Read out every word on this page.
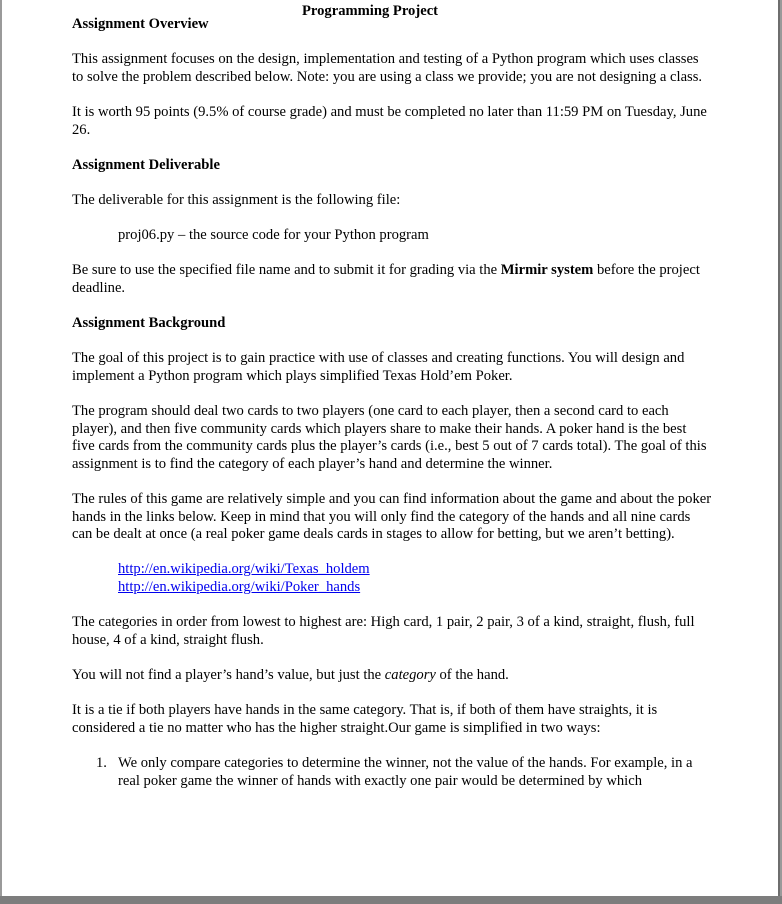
Programming Project
Assignment Overview

This assignment focuses on the design, implementation and testing of a Python program which uses classes to solve the problem described below. Note: you are using a class we provide; you are not designing a class.

It is worth 95 points (9.5% of course grade) and must be completed no later than 11:59 PM on Tuesday, June 26.

Assignment Deliverable

The deliverable for this assignment is the following file:

proj06.py – the source code for your Python program

Be sure to use the specified file name and to submit it for grading via the Mirmir system before the project deadline.

Assignment Background

The goal of this project is to gain practice with use of classes and creating functions. You will design and implement a Python program which plays simplified Texas Hold’em Poker.

The program should deal two cards to two players (one card to each player, then a second card to each player), and then five community cards which players share to make their hands. A poker hand is the best five cards from the community cards plus the player’s cards (i.e., best 5 out of 7 cards total). The goal of this assignment is to find the category of each player’s hand and determine the winner.

The rules of this game are relatively simple and you can find information about the game and about the poker hands in the links below. Keep in mind that you will only find the category of the hands and all nine cards can be dealt at once (a real poker game deals cards in stages to allow for betting, but we aren’t betting).

http://en.wikipedia.org/wiki/Texas_holdem
http://en.wikipedia.org/wiki/Poker_hands

The categories in order from lowest to highest are: High card, 1 pair, 2 pair, 3 of a kind, straight, flush, full house, 4 of a kind, straight flush.

You will not find a player’s hand’s value, but just the category of the hand.

It is a tie if both players have hands in the same category. That is, if both of them have straights, it is considered a tie no matter who has the higher straight.Our game is simplified in two ways:

1. We only compare categories to determine the winner, not the value of the hands. For example, in a real poker game the winner of hands with exactly one pair would be determined by which
